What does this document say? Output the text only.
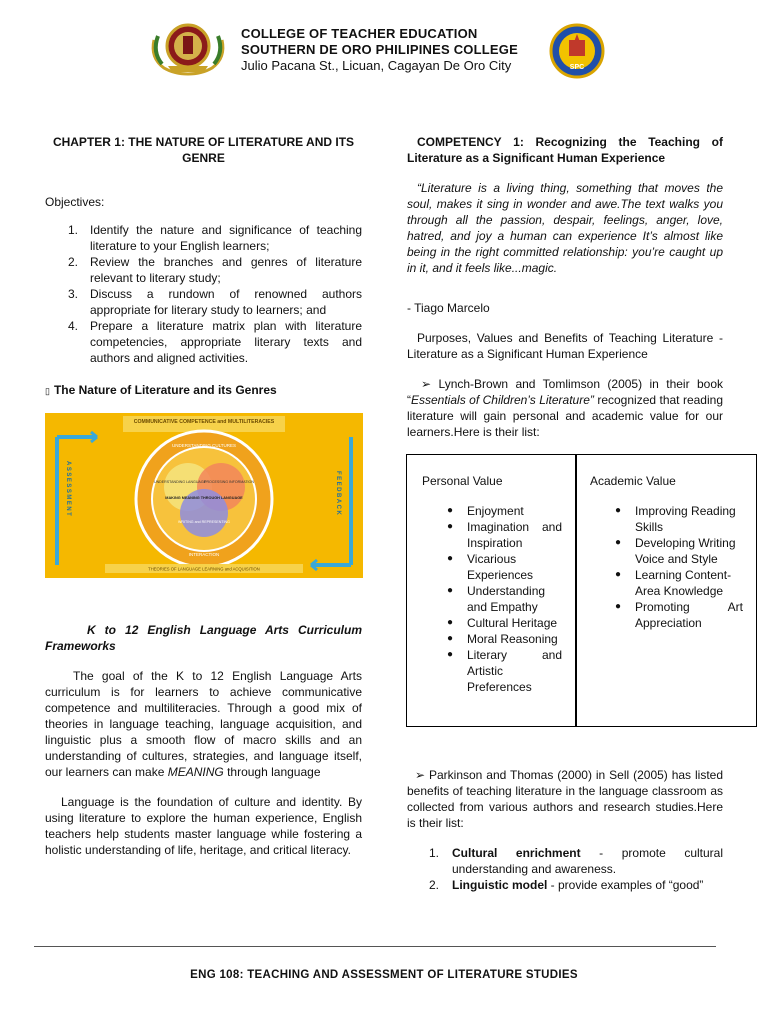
COLLEGE OF TEACHER EDUCATION
SOUTHERN DE ORO PHILIPINES COLLEGE
Julio Pacana St., Licuan, Cagayan De Oro City	SPC
CHAPTER 1: THE NATURE OF LITERATURE AND ITS GENRE
Objectives:
1. Identify the nature and significance of teaching literature to your English learners;
2. Review the branches and genres of literature relevant to literary study;
3. Discuss a rundown of renowned authors appropriate for literary study to learners; and
4. Prepare a literature matrix plan with literature competencies, appropriate literary texts and authors and aligned activities.
▯ The Nature of Literature and its Genres
COMMUNICATIVE COMPETENCE and MULTILITERACIES
ASSESSMENT	FEEDBACK
UNDERSTANDING CULTURES
INTERACTION
UNDERSTANDING LANGUAGE
PROCESSING INFORMATION
WRITING and REPRESENTING
MAKING MEANING THROUGH LANGUAGE
THEORIES OF LANGUAGE LEARNING and ACQUISITION
K to 12 English Language Arts Curriculum Frameworks
The goal of the K to 12 English Language Arts curriculum is for learners to achieve communicative competence and multiliteracies. Through a good mix of theories in language teaching, language acquisition, and linguistic plus a smooth flow of macro skills and an understanding of cultures, strategies, and language itself, our learners can make MEANING through language
Language is the foundation of culture and identity. By using literature to explore the human experience, English teachers help students master language while fostering a holistic understanding of life, heritage, and critical literacy.
COMPETENCY 1: Recognizing the Teaching of Literature as a Significant Human Experience
“Literature is a living thing, something that moves the soul, makes it sing in wonder and awe.The text walks you through all the passion, despair, feelings, anger, love, hatred, and joy a human can experience It’s almost like being in the right committed relationship: you’re caught up in it, and it feels like...magic.
- Tiago Marcelo
Purposes, Values and Benefits of Teaching Literature - Literature as a Significant Human Experience
➢ Lynch-Brown and Tomlimson (2005) in their book “Essentials of Children’s Literature” recognized that reading literature will gain personal and academic value for our learners.Here is their list:
Personal Value
● Enjoyment
● Imagination and Inspiration
● Vicarious Experiences
● Understanding and Empathy
● Cultural Heritage
● Moral Reasoning
● Literary and Artistic Preferences
Academic Value
● Improving Reading Skills
● Developing Writing Voice and Style
● Learning Content-Area Knowledge
● Promoting Art Appreciation
➢ Parkinson and Thomas (2000) in Sell (2005) has listed benefits of teaching literature in the language classroom as collected from various authors and research studies.Here is their list:
1. Cultural enrichment - promote cultural understanding and awareness.
2. Linguistic model - provide examples of “good”
ENG 108: TEACHING AND ASSESSMENT OF LITERATURE STUDIES
